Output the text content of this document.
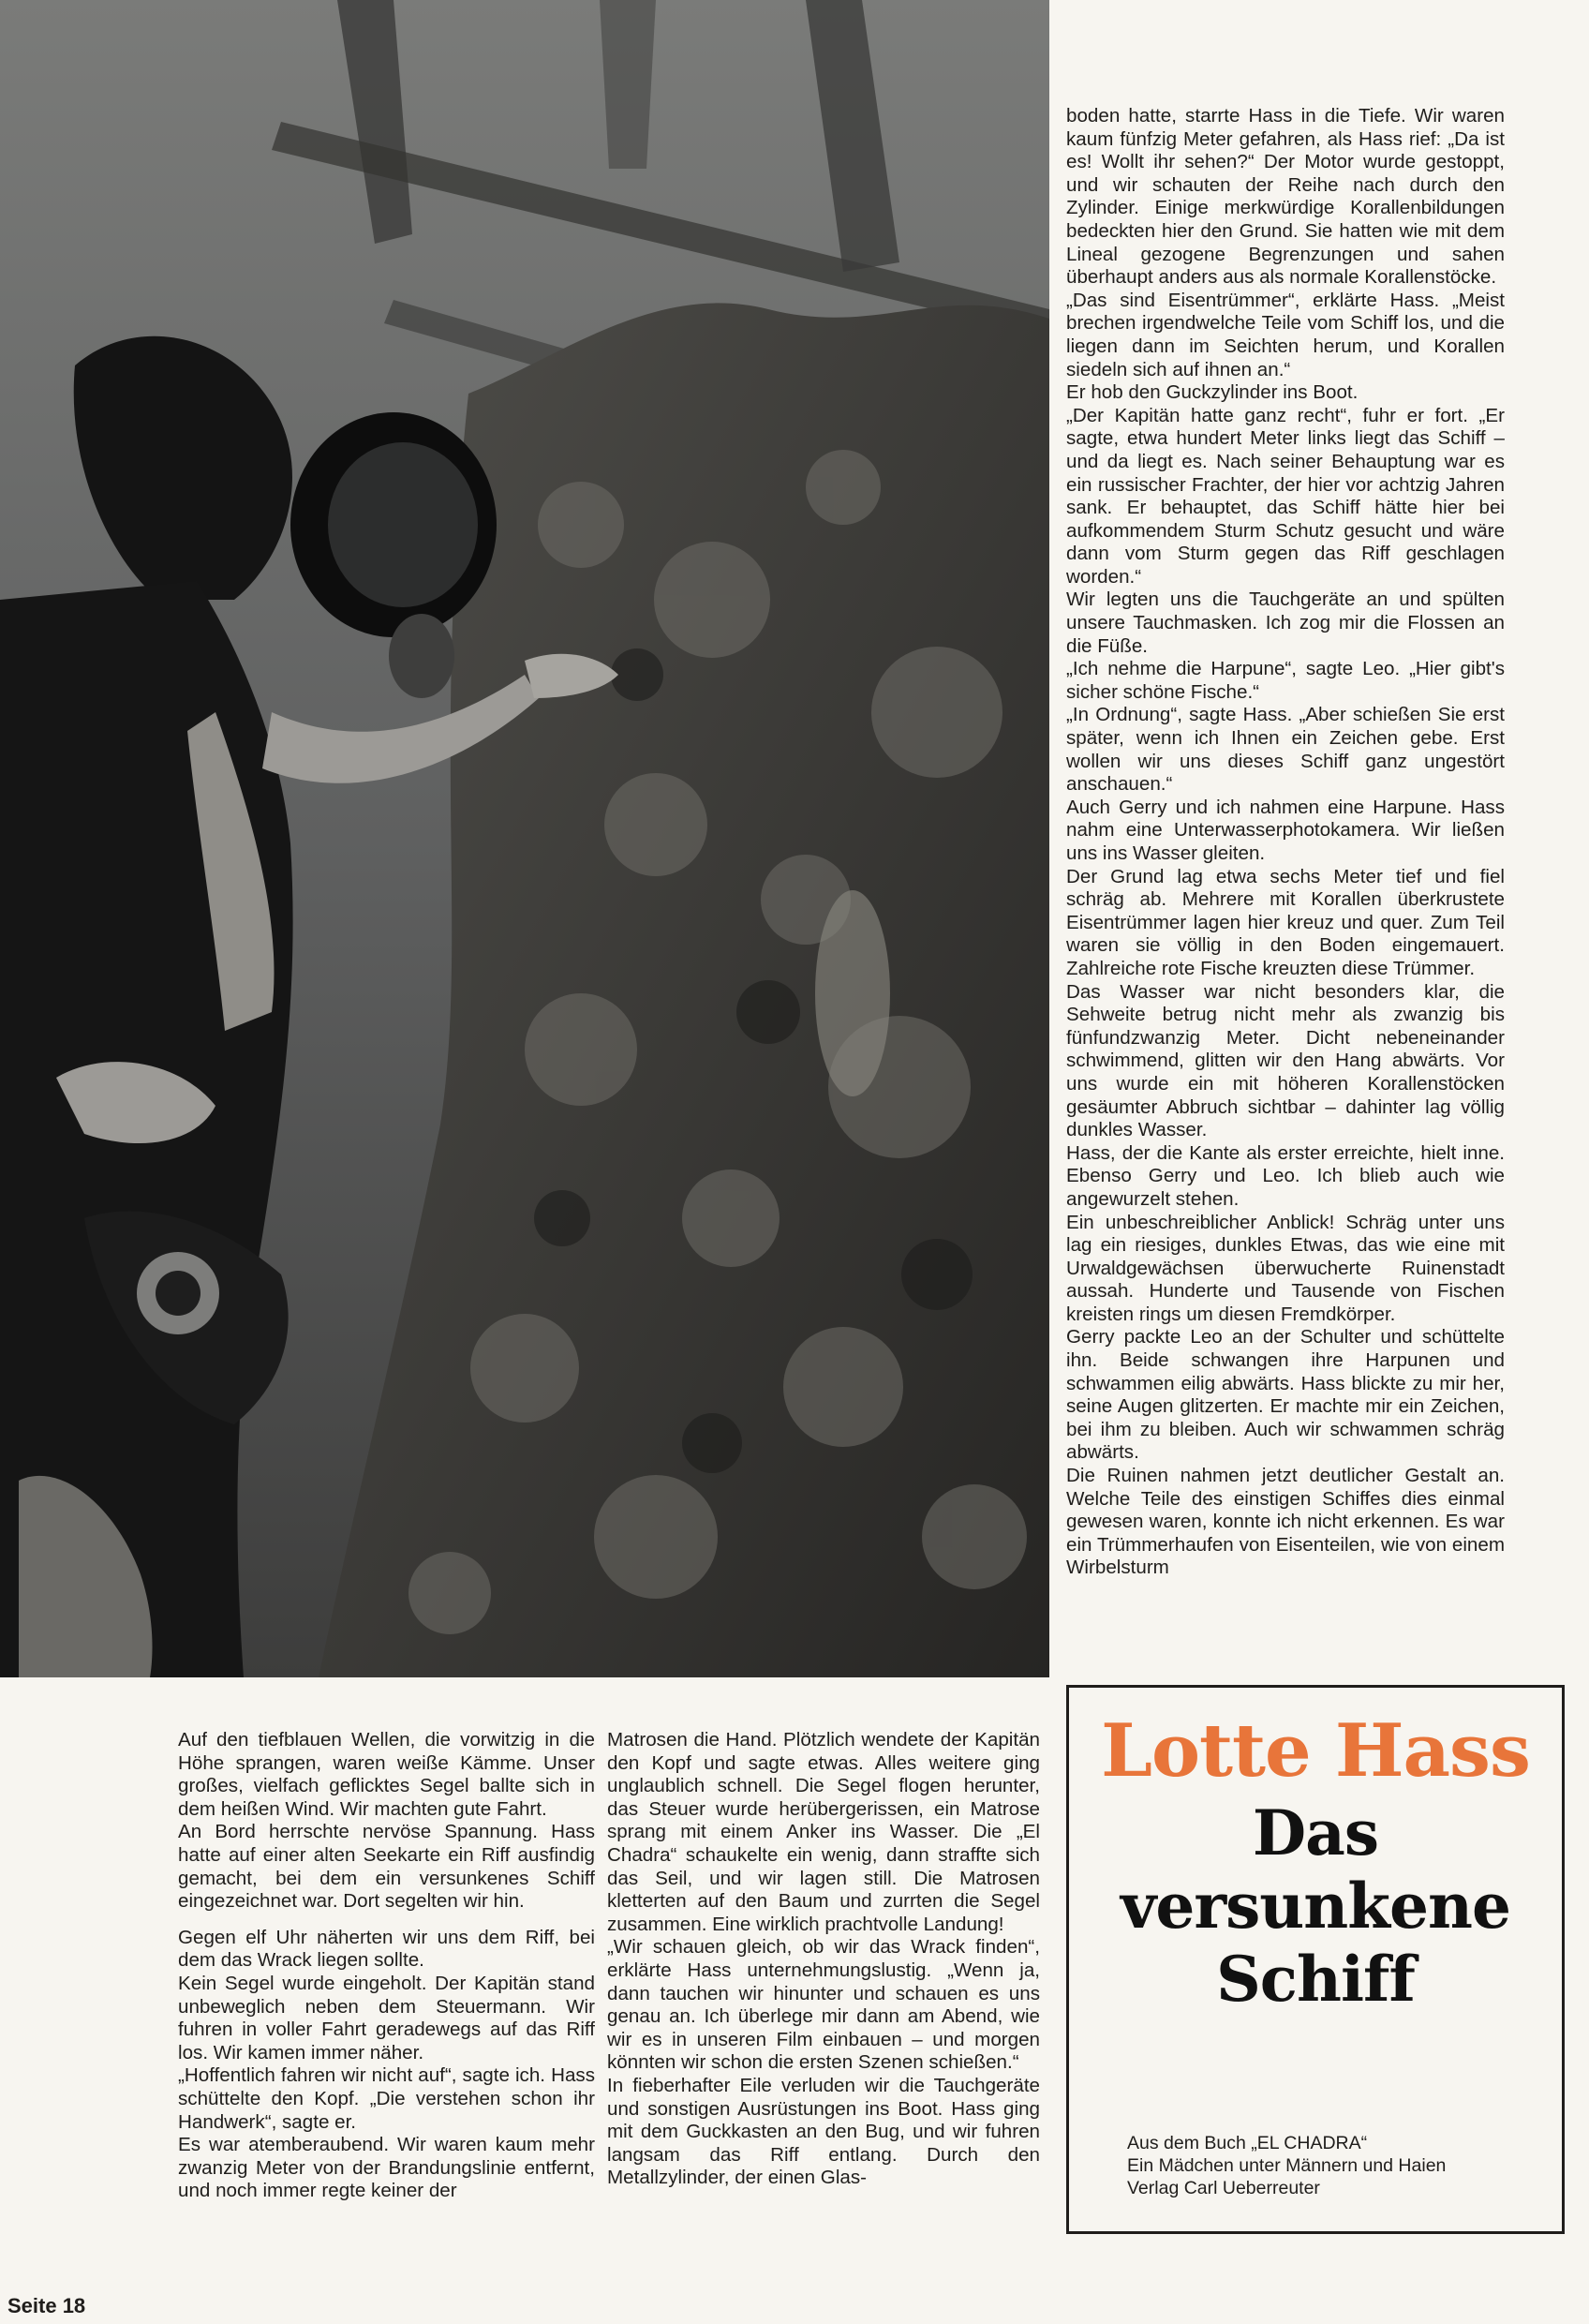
boden hatte, starrte Hass in die Tiefe. Wir waren kaum fünfzig Meter gefahren, als Hass rief: „Da ist es! Wollt ihr sehen?“ Der Motor wurde gestoppt, und wir schauten der Reihe nach durch den Zylinder. Einige merkwürdige Korallenbildungen bedeckten hier den Grund. Sie hatten wie mit dem Lineal gezogene Begrenzungen und sahen überhaupt anders aus als normale Korallenstöcke.

„Das sind Eisentrümmer“, erklärte Hass. „Meist brechen irgendwelche Teile vom Schiff los, und die liegen dann im Seichten herum, und Korallen siedeln sich auf ihnen an.“

Er hob den Guckzylinder ins Boot.

„Der Kapitän hatte ganz recht“, fuhr er fort. „Er sagte, etwa hundert Meter links liegt das Schiff – und da liegt es. Nach seiner Behauptung war es ein russischer Frachter, der hier vor achtzig Jahren sank. Er behauptet, das Schiff hätte hier bei aufkommendem Sturm Schutz gesucht und wäre dann vom Sturm gegen das Riff geschlagen worden.“

Wir legten uns die Tauchgeräte an und spülten unsere Tauchmasken. Ich zog mir die Flossen an die Füße.

„Ich nehme die Harpune“, sagte Leo. „Hier gibt's sicher schöne Fische.“

„In Ordnung“, sagte Hass. „Aber schießen Sie erst später, wenn ich Ihnen ein Zeichen gebe. Erst wollen wir uns dieses Schiff ganz ungestört anschauen.“

Auch Gerry und ich nahmen eine Harpune. Hass nahm eine Unterwasserphotokamera. Wir ließen uns ins Wasser gleiten.

Der Grund lag etwa sechs Meter tief und fiel schräg ab. Mehrere mit Korallen überkrustete Eisentrümmer lagen hier kreuz und quer. Zum Teil waren sie völlig in den Boden eingemauert. Zahlreiche rote Fische kreuzten diese Trümmer.

Das Wasser war nicht besonders klar, die Sehweite betrug nicht mehr als zwanzig bis fünfundzwanzig Meter. Dicht nebeneinander schwimmend, glitten wir den Hang abwärts. Vor uns wurde ein mit höheren Korallenstöcken gesäumter Abbruch sichtbar – dahinter lag völlig dunkles Wasser.

Hass, der die Kante als erster erreichte, hielt inne. Ebenso Gerry und Leo. Ich blieb auch wie angewurzelt stehen.

Ein unbeschreiblicher Anblick! Schräg unter uns lag ein riesiges, dunkles Etwas, das wie eine mit Urwaldgewächsen überwucherte Ruinenstadt aussah. Hunderte und Tausende von Fischen kreisten rings um diesen Fremdkörper.

Gerry packte Leo an der Schulter und schüttelte ihn. Beide schwangen ihre Harpunen und schwammen eilig abwärts. Hass blickte zu mir her, seine Augen glitzerten. Er machte mir ein Zeichen, bei ihm zu bleiben. Auch wir schwammen schräg abwärts.

Die Ruinen nahmen jetzt deutlicher Gestalt an. Welche Teile des einstigen Schiffes dies einmal gewesen waren, konnte ich nicht erkennen. Es war ein Trümmerhaufen von Eisenteilen, wie von einem Wirbelsturm

Auf den tiefblauen Wellen, die vorwitzig in die Höhe sprangen, waren weiße Kämme. Unser großes, vielfach geflicktes Segel ballte sich in dem heißen Wind. Wir machten gute Fahrt.

An Bord herrschte nervöse Spannung. Hass hatte auf einer alten Seekarte ein Riff ausfindig gemacht, bei dem ein versunkenes Schiff eingezeichnet war. Dort segelten wir hin.

Gegen elf Uhr näherten wir uns dem Riff, bei dem das Wrack liegen sollte.

Kein Segel wurde eingeholt. Der Kapitän stand unbeweglich neben dem Steuermann. Wir fuhren in voller Fahrt geradewegs auf das Riff los. Wir kamen immer näher.

„Hoffentlich fahren wir nicht auf“, sagte ich. Hass schüttelte den Kopf. „Die verstehen schon ihr Handwerk“, sagte er.

Es war atemberaubend. Wir waren kaum mehr zwanzig Meter von der Brandungslinie entfernt, und noch immer regte keiner der

Matrosen die Hand. Plötzlich wendete der Kapitän den Kopf und sagte etwas. Alles weitere ging unglaublich schnell. Die Segel flogen herunter, das Steuer wurde herübergerissen, ein Matrose sprang mit einem Anker ins Wasser. Die „El Chadra“ schaukelte ein wenig, dann straffte sich das Seil, und wir lagen still. Die Matrosen kletterten auf den Baum und zurrten die Segel zusammen. Eine wirklich prachtvolle Landung!

„Wir schauen gleich, ob wir das Wrack finden“, erklärte Hass unternehmungslustig. „Wenn ja, dann tauchen wir hinunter und schauen es uns genau an. Ich überlege mir dann am Abend, wie wir es in unseren Film einbauen – und morgen könnten wir schon die ersten Szenen schießen.“

In fieberhafter Eile verluden wir die Tauchgeräte und sonstigen Ausrüstungen ins Boot. Hass ging mit dem Guckkasten an den Bug, und wir fuhren langsam das Riff entlang. Durch den Metallzylinder, der einen Glas-

Lotte Hass
Das
versunkene
Schiff
Aus dem Buch „EL CHADRA“
Ein Mädchen unter Männern und Haien
Verlag Carl Ueberreuter
Seite 18
